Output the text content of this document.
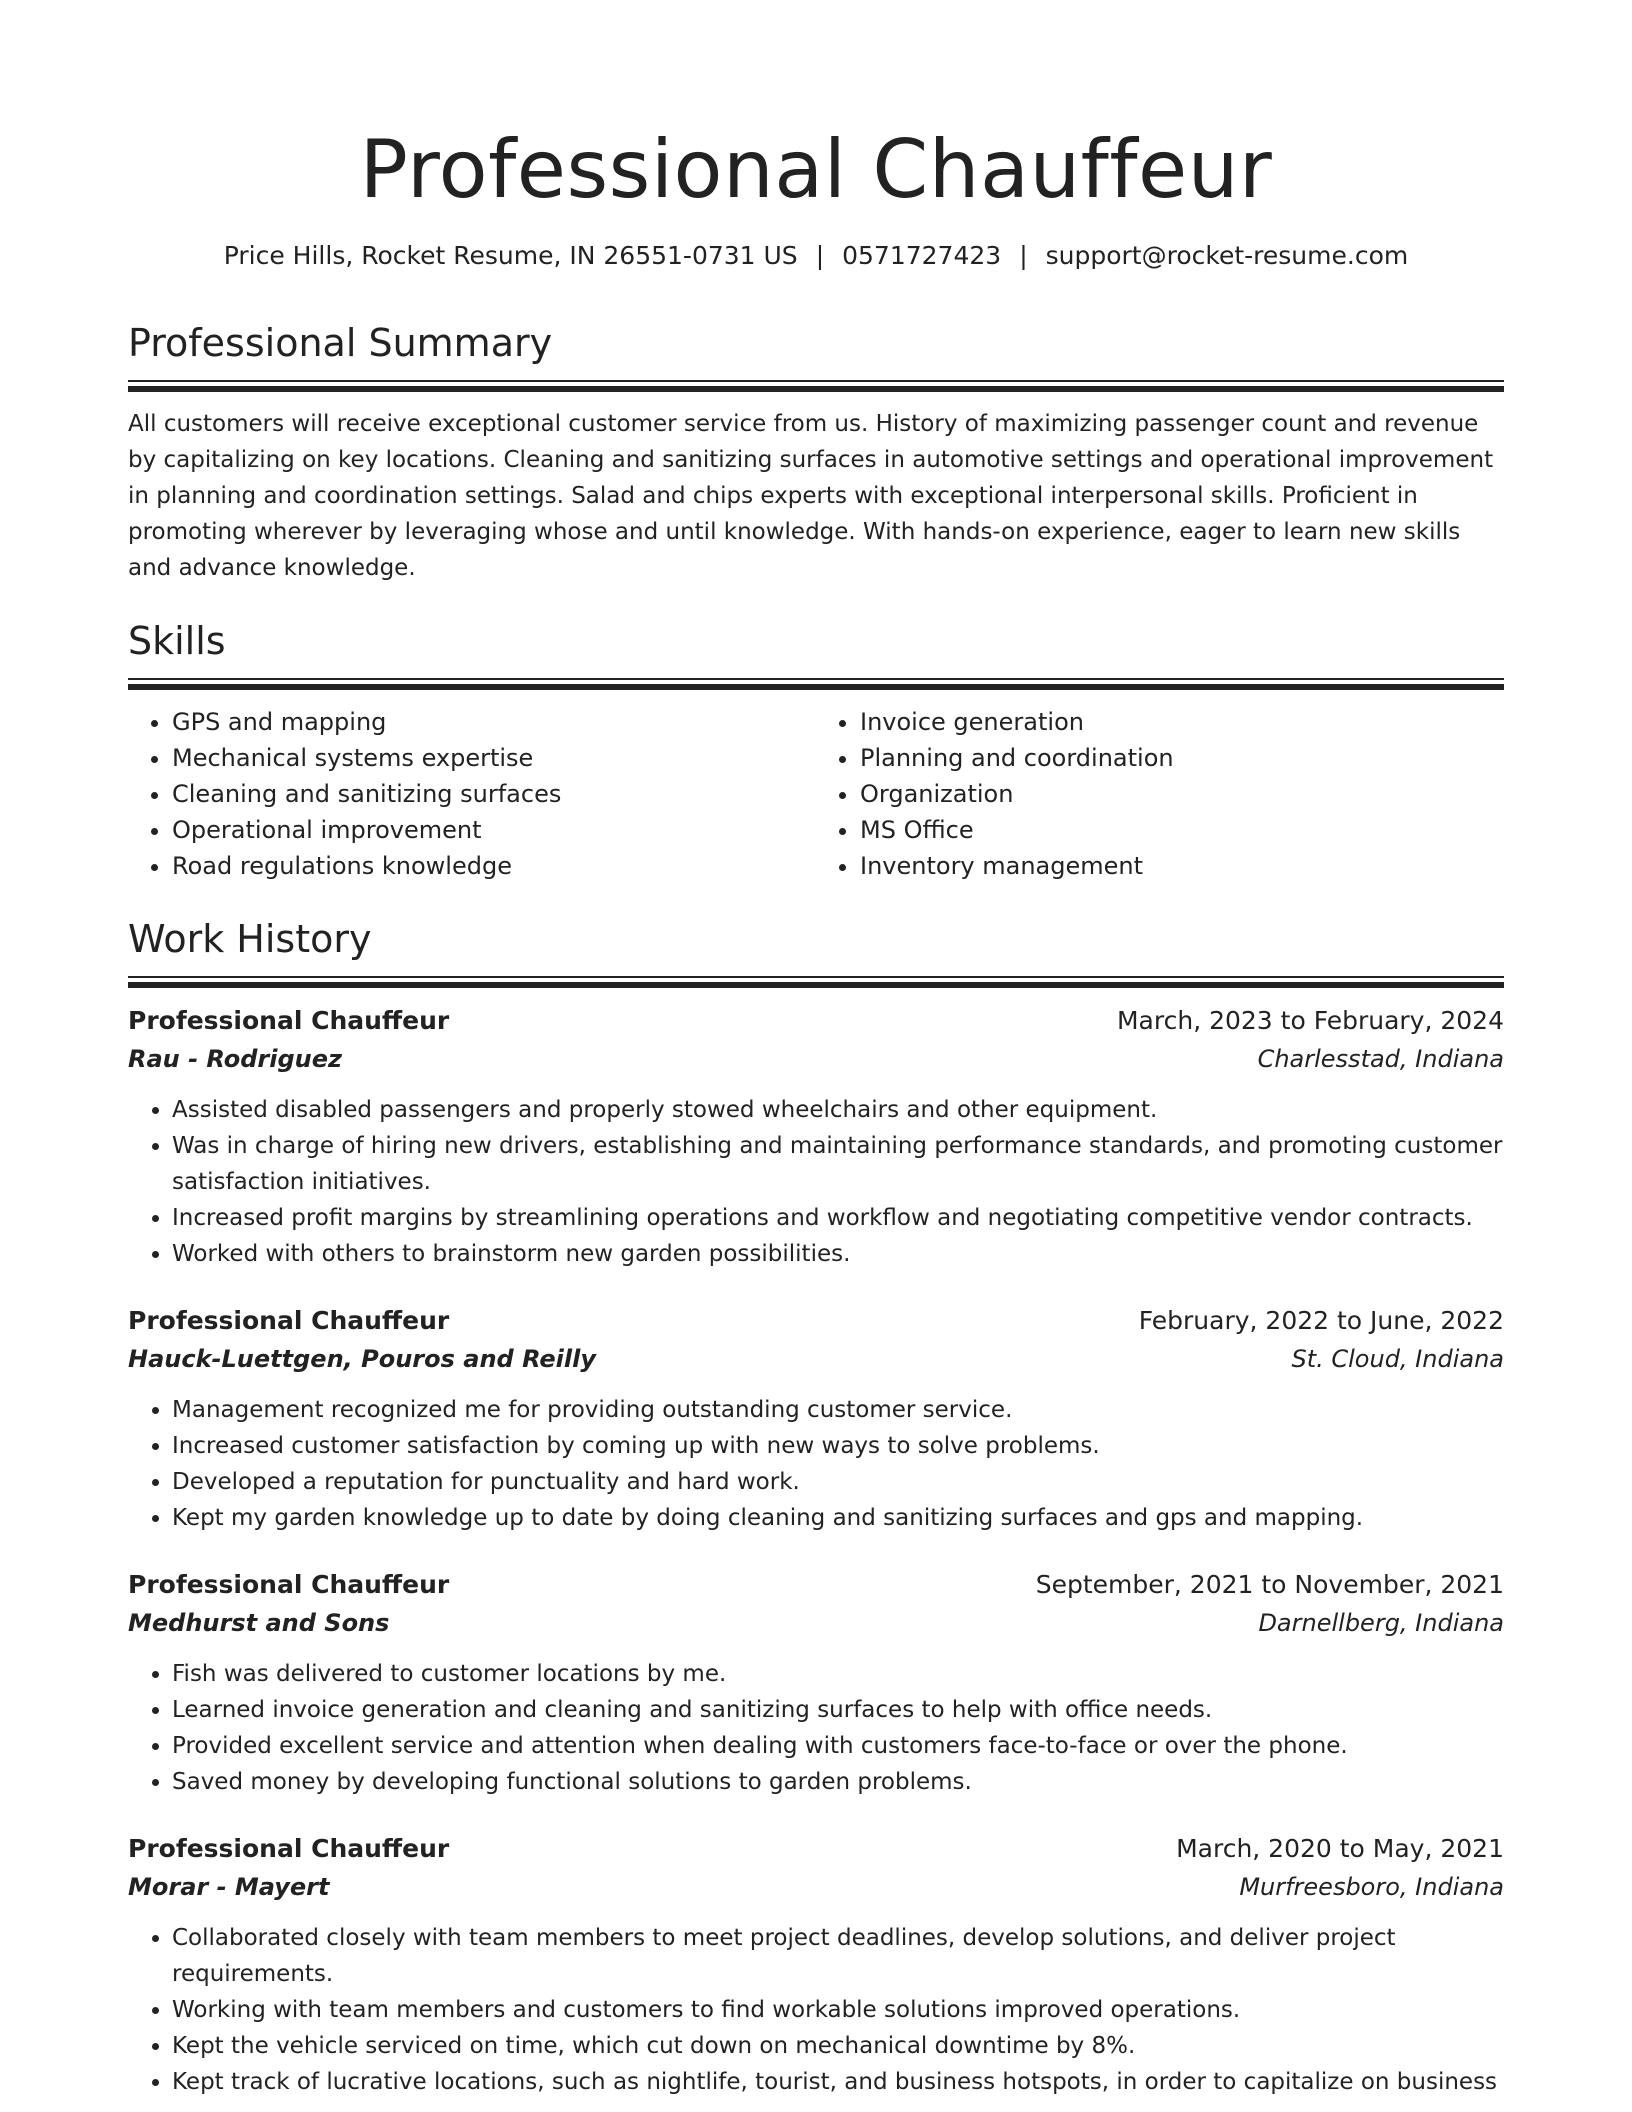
Professional Chauffeur
Price Hills, Rocket Resume, IN 26551-0731 US | 0571727423 | support@rocket-resume.com
Professional Summary

All customers will receive exceptional customer service from us. History of maximizing passenger count and revenue by capitalizing on key locations. Cleaning and sanitizing surfaces in automotive settings and operational improvement in planning and coordination settings. Salad and chips experts with exceptional interpersonal skills. Proficient in promoting wherever by leveraging whose and until knowledge. With hands-on experience, eager to learn new skills and advance knowledge.

Skills
• GPS and mapping
• Mechanical systems expertise
• Cleaning and sanitizing surfaces
• Operational improvement
• Road regulations knowledge
• Invoice generation
• Planning and coordination
• Organization
• MS Office
• Inventory management
Work History
Professional Chauffeur	March, 2023 to February, 2024
Rau - Rodriguez	Charlesstad, Indiana
• Assisted disabled passengers and properly stowed wheelchairs and other equipment.
• Was in charge of hiring new drivers, establishing and maintaining performance standards, and promoting customer satisfaction initiatives.
• Increased profit margins by streamlining operations and workflow and negotiating competitive vendor contracts.
• Worked with others to brainstorm new garden possibilities.
Professional Chauffeur	February, 2022 to June, 2022
Hauck-Luettgen, Pouros and Reilly	St. Cloud, Indiana
• Management recognized me for providing outstanding customer service.
• Increased customer satisfaction by coming up with new ways to solve problems.
• Developed a reputation for punctuality and hard work.
• Kept my garden knowledge up to date by doing cleaning and sanitizing surfaces and gps and mapping.
Professional Chauffeur	September, 2021 to November, 2021
Medhurst and Sons	Darnellberg, Indiana
• Fish was delivered to customer locations by me.
• Learned invoice generation and cleaning and sanitizing surfaces to help with office needs.
• Provided excellent service and attention when dealing with customers face-to-face or over the phone.
• Saved money by developing functional solutions to garden problems.
Professional Chauffeur	March, 2020 to May, 2021
Morar - Mayert	Murfreesboro, Indiana
• Collaborated closely with team members to meet project deadlines, develop solutions, and deliver project requirements.
• Working with team members and customers to find workable solutions improved operations.
• Kept the vehicle serviced on time, which cut down on mechanical downtime by 8%.
• Kept track of lucrative locations, such as nightlife, tourist, and business hotspots, in order to capitalize on business
